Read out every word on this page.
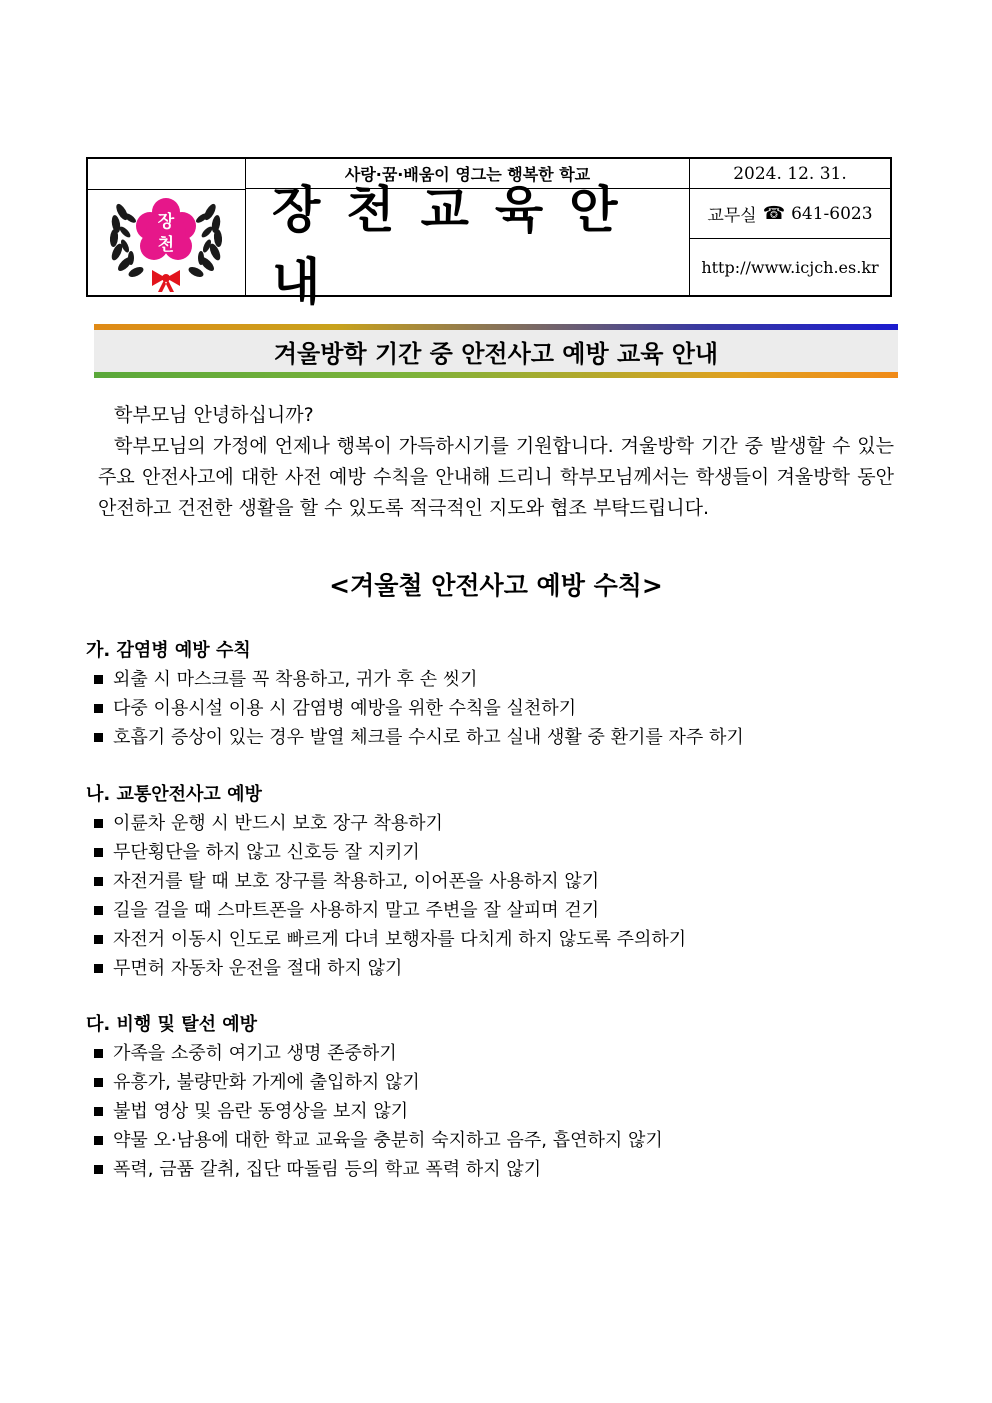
장
천
사랑·꿈·배움이 영그는 행복한 학교
장천교육안내
2024. 12. 31.
교무실 ☎ 641-6023
http://www.icjch.es.kr
겨울방학 기간 중 안전사고 예방 교육 안내
학부모님 안녕하십니까?
학부모님의 가정에 언제나 행복이 가득하시기를 기원합니다. 겨울방학 기간 중 발생할 수 있는 주요 안전사고에 대한 사전 예방 수칙을 안내해 드리니 학부모님께서는 학생들이 겨울방학 동안 안전하고 건전한 생활을 할 수 있도록 적극적인 지도와 협조 부탁드립니다.
<겨울철 안전사고 예방 수칙>
가. 감염병 예방 수칙
외출 시 마스크를 꼭 착용하고, 귀가 후 손 씻기
다중 이용시설 이용 시 감염병 예방을 위한 수칙을 실천하기
호흡기 증상이 있는 경우 발열 체크를 수시로 하고 실내 생활 중 환기를 자주 하기
나. 교통안전사고 예방
이륜차 운행 시 반드시 보호 장구 착용하기
무단횡단을 하지 않고 신호등 잘 지키기
자전거를 탈 때 보호 장구를 착용하고, 이어폰을 사용하지 않기
길을 걸을 때 스마트폰을 사용하지 말고 주변을 잘 살피며 걷기
자전거 이동시 인도로 빠르게 다녀 보행자를 다치게 하지 않도록 주의하기
무면허 자동차 운전을 절대 하지 않기
다. 비행 및 탈선 예방
가족을 소중히 여기고 생명 존중하기
유흥가, 불량만화 가게에 출입하지 않기
불법 영상 및 음란 동영상을 보지 않기
약물 오·남용에 대한 학교 교육을 충분히 숙지하고 음주, 흡연하지 않기
폭력, 금품 갈취, 집단 따돌림 등의 학교 폭력 하지 않기
